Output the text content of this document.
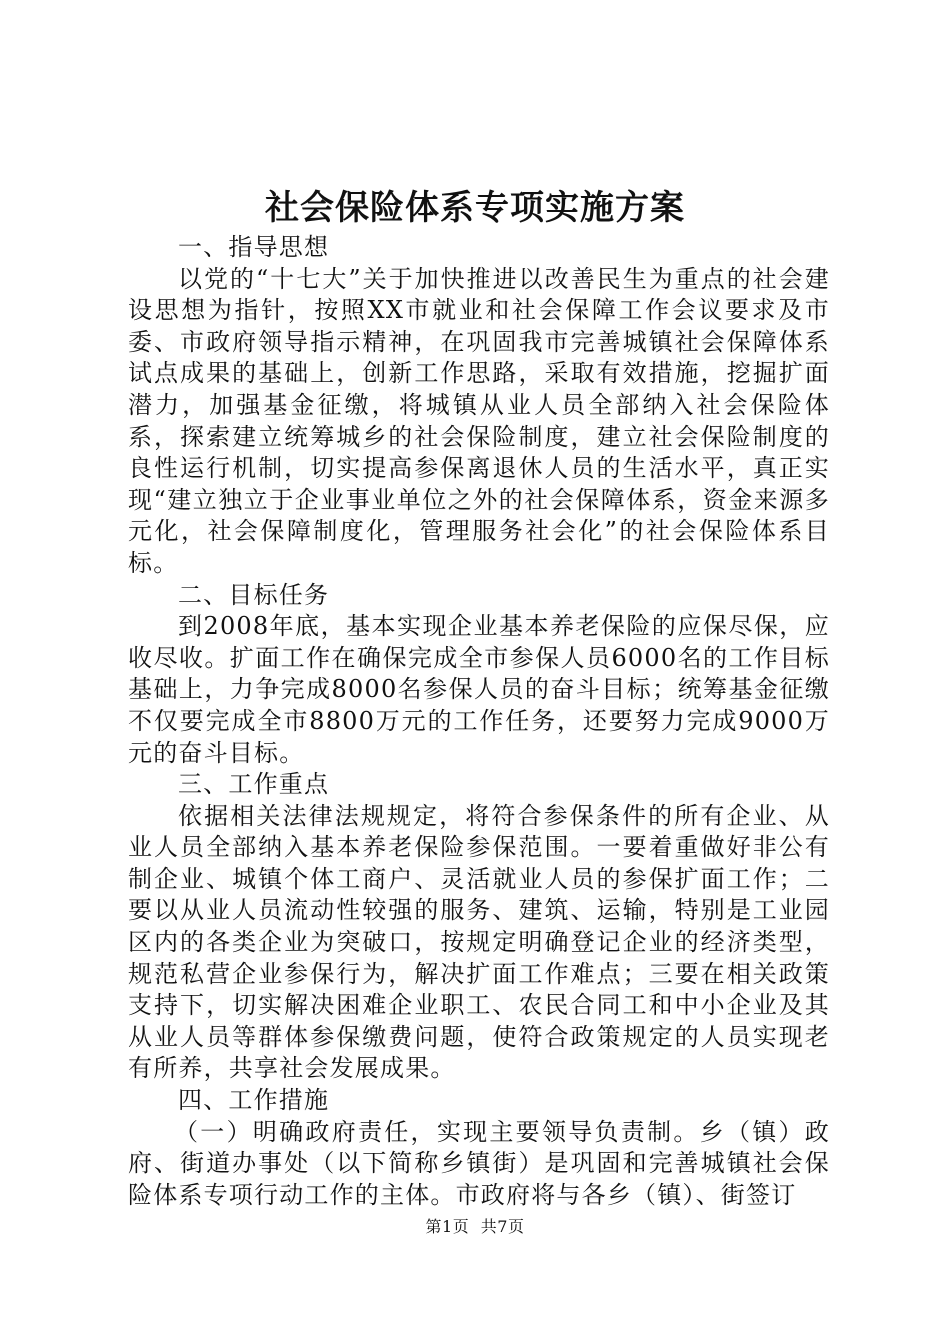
社会保险体系专项实施方案

一、指导思想

以党的“十七大”关于加快推进以改善民生为重点的社会建设思想为指针，按照XX市就业和社会保障工作会议要求及市委、市政府领导指示精神，在巩固我市完善城镇社会保障体系试点成果的基础上，创新工作思路，采取有效措施，挖掘扩面潜力，加强基金征缴，将城镇从业人员全部纳入社会保险体系，探索建立统筹城乡的社会保险制度，建立社会保险制度的良性运行机制，切实提高参保离退休人员的生活水平，真正实现“建立独立于企业事业单位之外的社会保障体系，资金来源多元化，社会保障制度化，管理服务社会化”的社会保险体系目标。

二、目标任务

到2008年底，基本实现企业基本养老保险的应保尽保，应收尽收。扩面工作在确保完成全市参保人员6000名的工作目标基础上，力争完成8000名参保人员的奋斗目标；统筹基金征缴不仅要完成全市8800万元的工作任务，还要努力完成9000万元的奋斗目标。

三、工作重点

依据相关法律法规规定，将符合参保条件的所有企业、从业人员全部纳入基本养老保险参保范围。一要着重做好非公有制企业、城镇个体工商户、灵活就业人员的参保扩面工作；二要以从业人员流动性较强的服务、建筑、运输，特别是工业园区内的各类企业为突破口，按规定明确登记企业的经济类型，规范私营企业参保行为，解决扩面工作难点；三要在相关政策支持下，切实解决困难企业职工、农民合同工和中小企业及其从业人员等群体参保缴费问题，使符合政策规定的人员实现老有所养，共享社会发展成果。

四、工作措施

（一）明确政府责任，实现主要领导负责制。乡（镇）政府、街道办事处（以下简称乡镇街）是巩固和完善城镇社会保险体系专项行动工作的主体。市政府将与各乡（镇）、街签订

第1页 共7页
